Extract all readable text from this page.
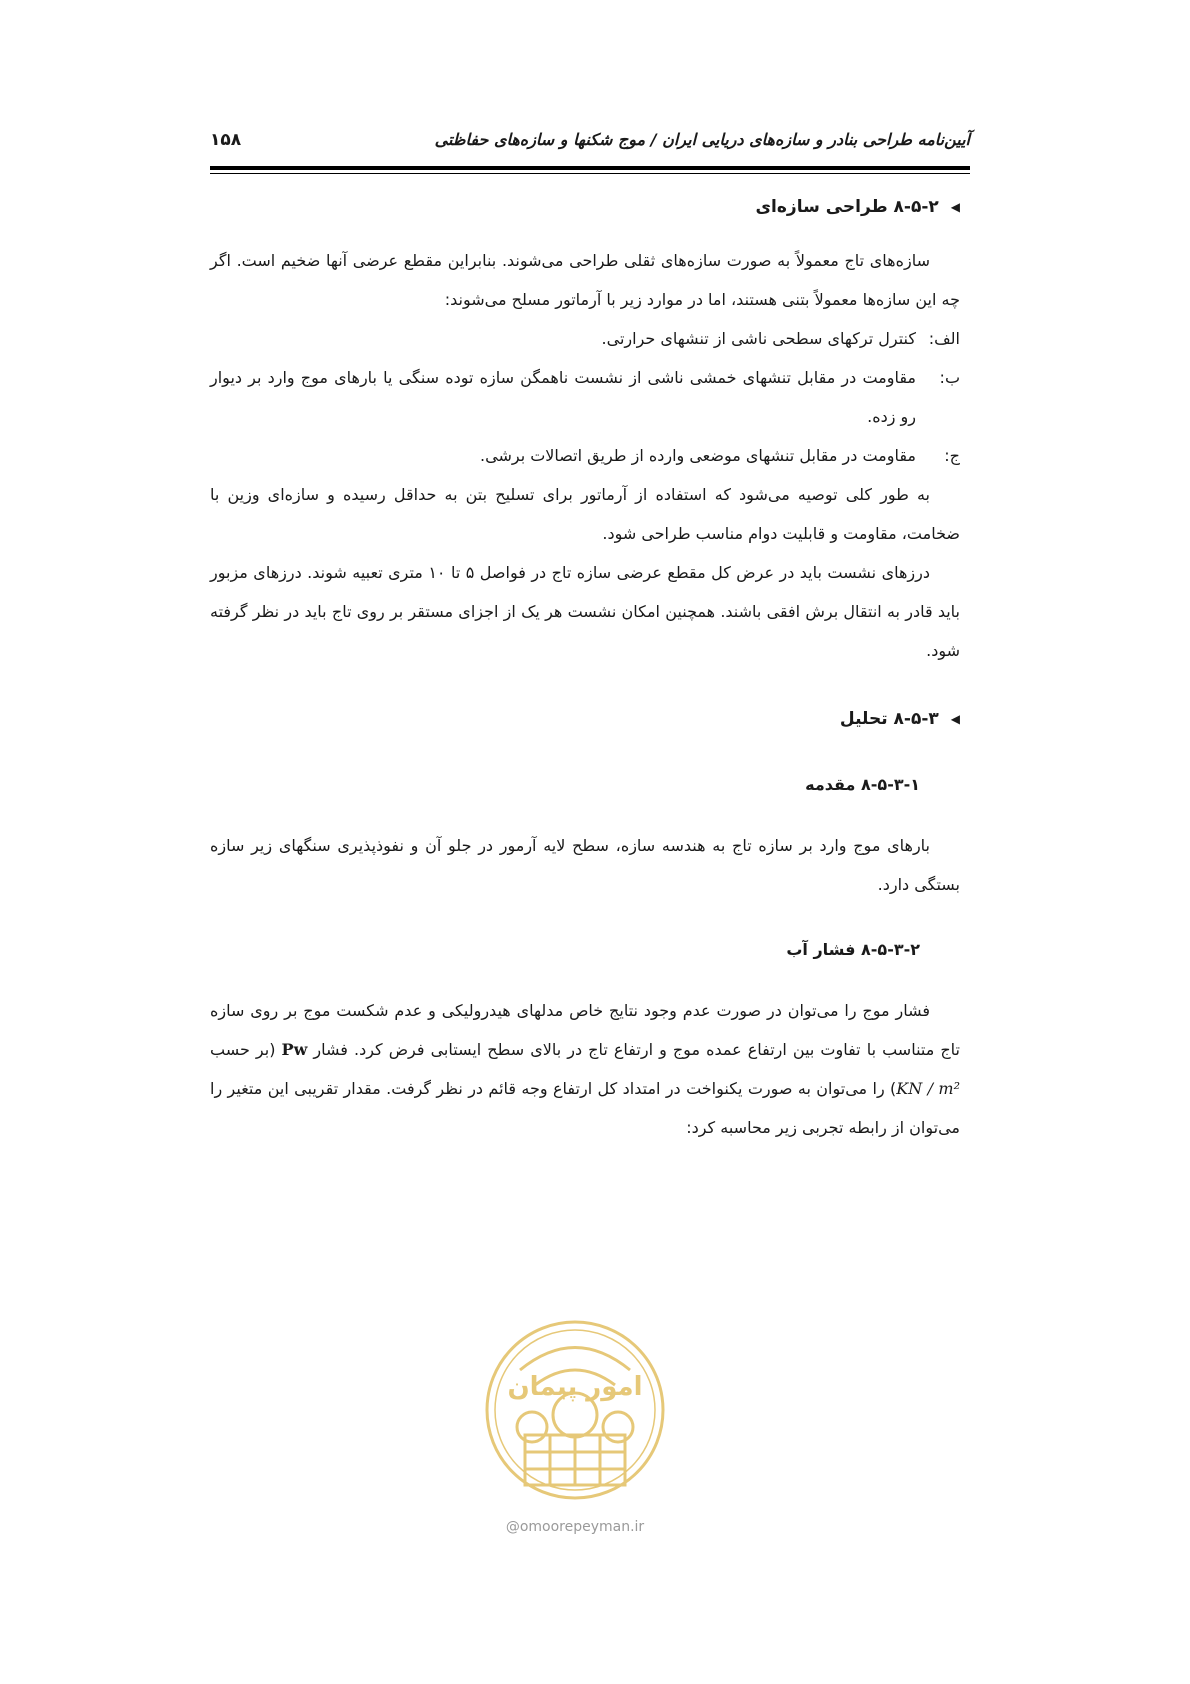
آیین‌نامه طراحی بنادر و سازه‌های دریایی ایران / موج شکنها و سازه‌های حفاظتی
۱۵۸
◀
۸-۵-۲ طراحی سازه‌ای

سازه‌های تاج معمولاً به صورت سازه‌های ثقلی طراحی می‌شوند. بنابراین مقطع عرضی آنها ضخیم است. اگر چه این سازه‌ها معمولاً بتنی هستند، اما در موارد زیر با آرماتور مسلح می‌شوند:

الف:
کنترل ترکهای سطحی ناشی از تنشهای حرارتی.
ب:
مقاومت در مقابل تنشهای خمشی ناشی از نشست ناهمگن سازه توده سنگی یا بارهای موج وارد بر دیوار رو زده.
ج:
مقاومت در مقابل تنشهای موضعی وارده از طریق اتصالات برشی.

به طور کلی توصیه می‌شود که استفاده از آرماتور برای تسلیح بتن به حداقل رسیده و سازه‌ای وزین با ضخامت، مقاومت و قابلیت دوام مناسب طراحی شود.

درزهای نشست باید در عرض کل مقطع عرضی سازه تاج در فواصل ۵ تا ۱۰ متری تعبیه شوند. درزهای مزبور باید قادر به انتقال برش افقی باشند. همچنین امکان نشست هر یک از اجزای مستقر بر روی تاج باید در نظر گرفته شود.

◀
۸-۵-۳ تحلیل
۸-۵-۳-۱ مقدمه

بارهای موج وارد بر سازه تاج به هندسه سازه، سطح لایه آرمور در جلو آن و نفوذپذیری سنگهای زیر سازه بستگی دارد.

۸-۵-۳-۲ فشار آب

فشار موج را می‌توان در صورت عدم وجود نتایج خاص مدلهای هیدرولیکی و عدم شکست موج بر روی سازه تاج متناسب با تفاوت بین ارتفاع عمده موج و ارتفاع تاج در بالای سطح ایستابی فرض کرد. فشار Pw (بر حسب KN / m²) را می‌توان به صورت یکنواخت در امتداد کل ارتفاع وجه قائم در نظر گرفت. مقدار تقریبی این متغیر را می‌توان از رابطه تجربی زیر محاسبه کرد:

امور پیمان
@omoorepeyman.ir
